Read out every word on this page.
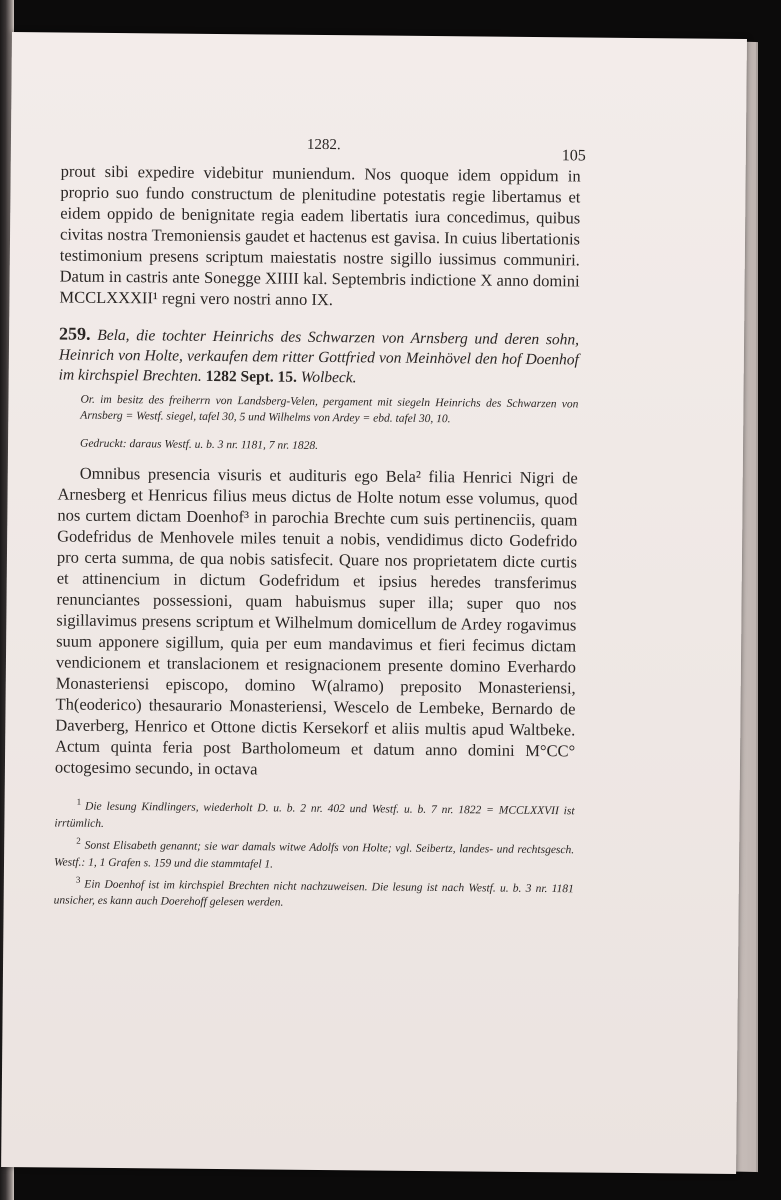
1282.
105

prout sibi expedire videbitur muniendum. Nos quoque idem oppidum in proprio suo fundo constructum de plenitudine potestatis regie libertamus et eidem oppido de benignitate regia eadem libertatis iura concedimus, quibus civitas nostra Tremoniensis gaudet et hactenus est gavisa. In cuius libertationis testimonium presens scriptum maiestatis nostre sigillo iussimus communiri. Datum in castris ante Sonegge XIIII kal. Septembris indictione X anno domini MCCLXXXII¹ regni vero nostri anno IX.

259. Bela, die tochter Heinrichs des Schwarzen von Arnsberg und deren sohn, Heinrich von Holte, verkaufen dem ritter Gottfried von Meinhövel den hof Doenhof im kirchspiel Brechten. 1282 Sept. 15. Wolbeck.

Or. im besitz des freiherrn von Landsberg-Velen, pergament mit siegeln Heinrichs des Schwarzen von Arnsberg = Westf. siegel, tafel 30, 5 und Wilhelms von Ardey = ebd. tafel 30, 10.

Gedruckt: daraus Westf. u. b. 3 nr. 1181, 7 nr. 1828.

Omnibus presencia visuris et audituris ego Bela² filia Henrici Nigri de Arnesberg et Henricus filius meus dictus de Holte notum esse volumus, quod nos curtem dictam Doenhof³ in parochia Brechte cum suis pertinenciis, quam Godefridus de Menhovele miles tenuit a nobis, vendidimus dicto Godefrido pro certa summa, de qua nobis satisfecit. Quare nos proprietatem dicte curtis et attinencium in dictum Godefridum et ipsius heredes transferimus renunciantes possessioni, quam habuismus super illa; super quo nos sigillavimus presens scriptum et Wilhelmum domicellum de Ardey rogavimus suum apponere sigillum, quia per eum mandavimus et fieri fecimus dictam vendicionem et translacionem et resignacionem presente domino Everhardo Monasteriensi episcopo, domino W(alramo) preposito Monasteriensi, Th(eoderico) thesaurario Monasteriensi, Wescelo de Lembeke, Bernardo de Daverberg, Henrico et Ottone dictis Kersekorf et aliis multis apud Waltbeke. Actum quinta feria post Bartholomeum et datum anno domini M°CC° octogesimo secundo, in octava

$^1$ Die lesung Kindlingers, wiederholt D. u. b. 2 nr. 402 und Westf. u. b. 7 nr. 1822 = MCCLXXVII ist irrtümlich.

$^2$ Sonst Elisabeth genannt; sie war damals witwe Adolfs von Holte; vgl. Seibertz, landes- und rechtsgesch. Westf.: 1, 1 Grafen s. 159 und die stammtafel 1.

$^3$ Ein Doenhof ist im kirchspiel Brechten nicht nachzuweisen. Die lesung ist nach Westf. u. b. 3 nr. 1181 unsicher, es kann auch Doerehoff gelesen werden.
